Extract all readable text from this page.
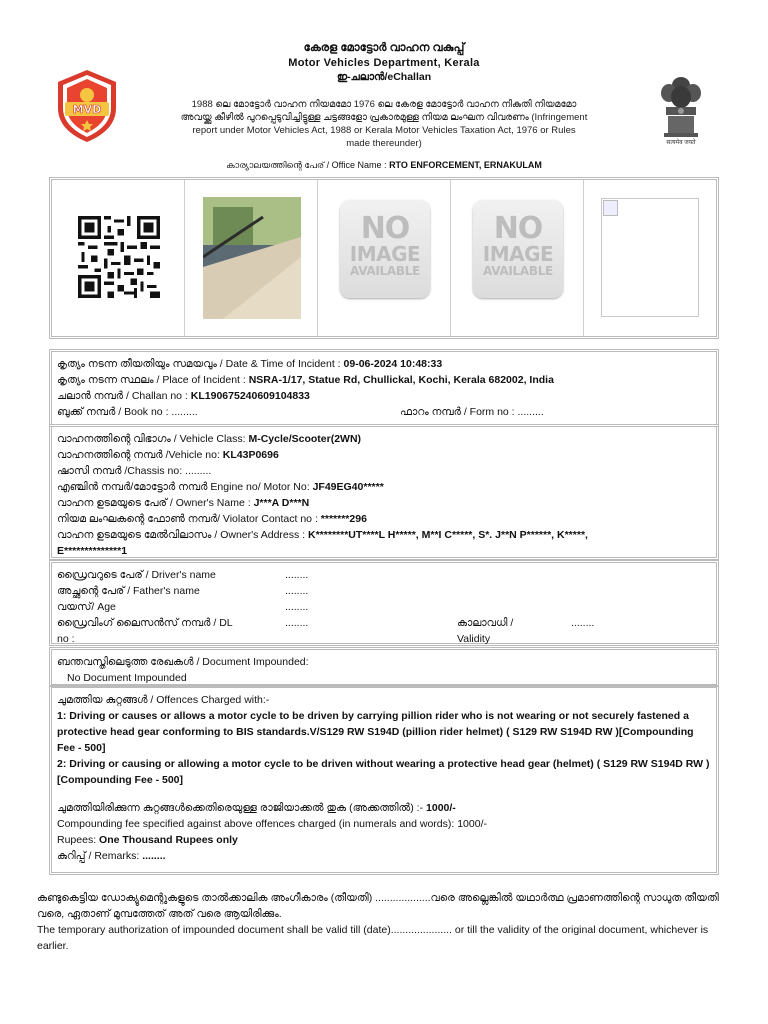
MVD
കേരള മോട്ടോർ വാഹന വകുപ്പ്
Motor Vehicles Department, Kerala
ഇ-ചലാൻ/eChallan
1988 ലെ മോട്ടോർ വാഹന നിയമമോ 1976 ലെ കേരള മോട്ടോർ വാഹന നികുതി നിയമമോ അവയ്ക്കു കീഴിൽ പുറപ്പെടുവിച്ചിട്ടുള്ള ചട്ടങ്ങളോ പ്രകാരമുള്ള നിയമ ലംഘന വിവരണം (Infringement report under Motor Vehicles Act, 1988 or Kerala Motor Vehicles Taxation Act, 1976 or Rules made thereunder)	सत्यमेव जयते
കാര്യാലയത്തിന്റെ പേര് / Office Name : RTO ENFORCEMENT, ERNAKULAM
NO
IMAGE
AVAILABLE
NO
IMAGE
AVAILABLE
കൃത്യം നടന്ന തീയതിയും സമയവും / Date & Time of Incident : 09-06-2024 10:48:33
കൃത്യം നടന്ന സ്ഥലം / Place of Incident : NSRA-1/17, Statue Rd, Chullickal, Kochi, Kerala 682002, India
ചലാൻ നമ്പർ / Challan no : KL190675240609104833
ബുക്ക് നമ്പർ / Book no : .........	ഫാറം നമ്പർ / Form no : .........
വാഹനത്തിന്റെ വിഭാഗം / Vehicle Class: M-Cycle/Scooter(2WN)
വാഹനത്തിന്റെ നമ്പർ /Vehicle no: KL43P0696
ഷാസി നമ്പർ /Chassis no: .........
എഞ്ചിൻ നമ്പർ/മോട്ടോർ നമ്പർ Engine no/ Motor No: JF49EG40*****
വാഹന ഉടമയുടെ പേര് / Owner's Name : J***A D***N
നിയമ ലംഘകന്റെ ഫോൺ നമ്പർ/ Violator Contact no : *******296
വാഹന ഉടമയുടെ മേൽവിലാസം / Owner's Address : K********UT****L H*****, M**I C*****, S*. J**N P******, K*****,
E**************1
ഡ്രൈവറുടെ പേര് / Driver's name	........
അച്ഛന്റെ പേര് / Father's name	........
വയസ്/ Age	........
ഡ്രൈവിംഗ് ലൈസൻസ് നമ്പർ / DL	........	കാലാവധി /	........
no :	Validity
ബന്തവസ്തിലെടുത്ത രേഖകൾ / Document Impounded:
No Document Impounded
ചുമത്തിയ കുറ്റങ്ങൾ / Offences Charged with:-
1: Driving or causes or allows a motor cycle to be driven by carrying pillion rider who is not wearing or not securely fastened a protective head gear conforming to BIS standards.V/S129 RW S194D (pillion rider helmet) ( S129 RW S194D RW )[Compounding Fee - 500]
2: Driving or causing or allowing a motor cycle to be driven without wearing a protective head gear (helmet) ( S129 RW S194D RW )[Compounding Fee - 500]
ചുമത്തിയിരിക്കുന്ന കുറ്റങ്ങൾക്കെതിരെയുള്ള രാജിയാക്കൽ തുക (അക്കത്തിൽ) :- 1000/-
Compounding fee specified against above offences charged (in numerals and words): 1000/-
Rupees: One Thousand Rupees only
കുറിപ്പ് / Remarks: ........
കണ്ടുകെട്ടിയ ഡോക്യുമെന്റുകളുടെ താൽക്കാലിക അംഗീകാരം (തീയതി) ...................വരെ അല്ലെങ്കിൽ യഥാർത്ഥ പ്രമാണത്തിന്റെ സാധുത തീയതി വരെ, ഏതാണ് മുമ്പത്തേത് അത് വരെ ആയിരിക്കും.
The temporary authorization of impounded document shall be valid till (date)..................... or till the validity of the original document, whichever is earlier.
